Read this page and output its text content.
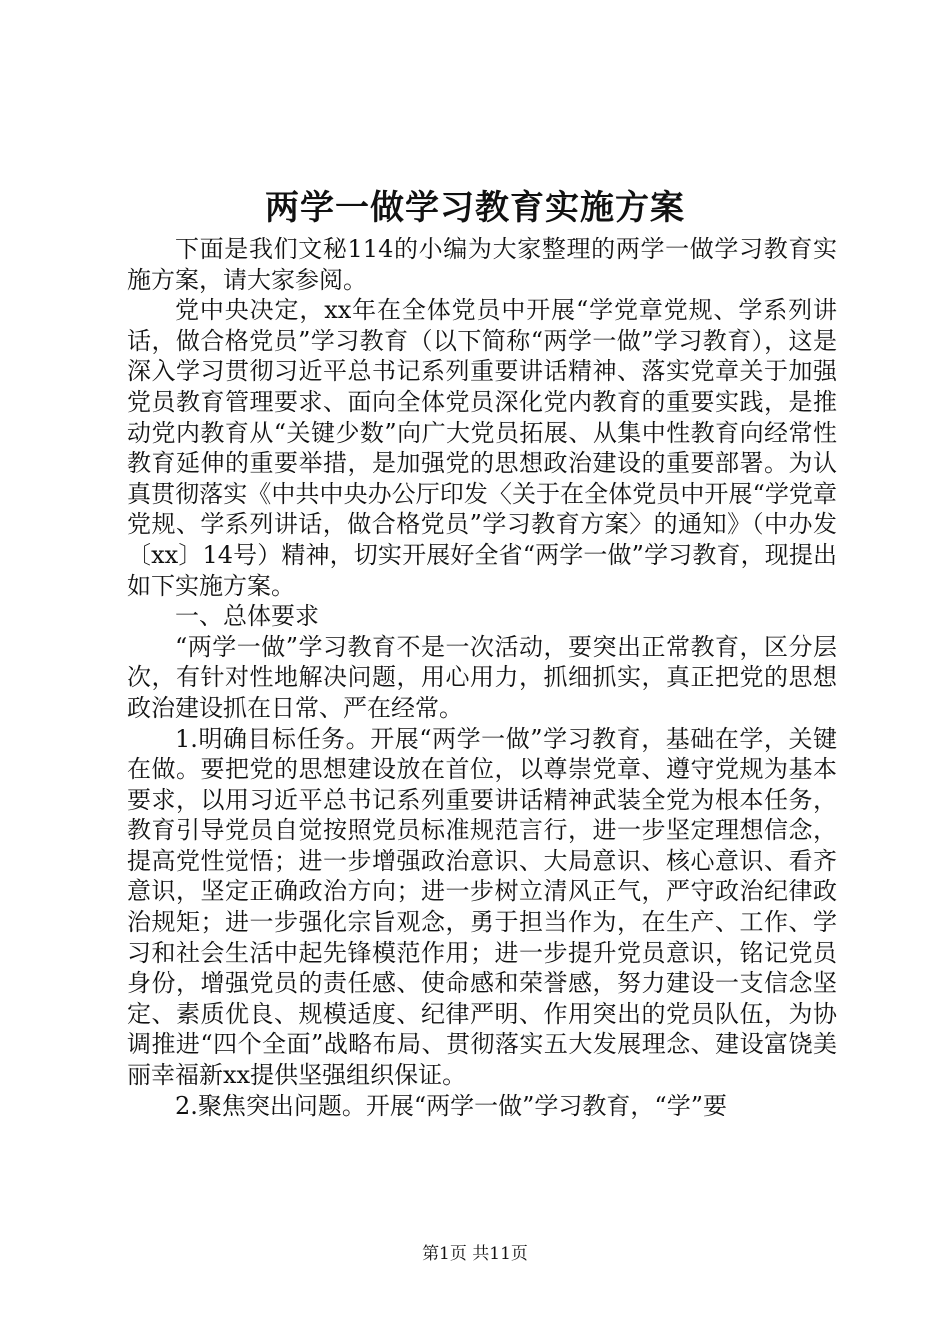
两学一做学习教育实施方案

下面是我们文秘114的小编为大家整理的两学一做学习教育实施方案，请大家参阅。

党中央决定，xx年在全体党员中开展“学党章党规、学系列讲话，做合格党员”学习教育（以下简称“两学一做”学习教育），这是深入学习贯彻习近平总书记系列重要讲话精神、落实党章关于加强党员教育管理要求、面向全体党员深化党内教育的重要实践，是推动党内教育从“关键少数”向广大党员拓展、从集中性教育向经常性教育延伸的重要举措，是加强党的思想政治建设的重要部署。为认真贯彻落实《中共中央办公厅印发〈关于在全体党员中开展“学党章党规、学系列讲话，做合格党员”学习教育方案〉的通知》（中办发〔xx〕14号）精神，切实开展好全省“两学一做”学习教育，现提出如下实施方案。

一、总体要求

“两学一做”学习教育不是一次活动，要突出正常教育，区分层次，有针对性地解决问题，用心用力，抓细抓实，真正把党的思想政治建设抓在日常、严在经常。

1.明确目标任务。开展“两学一做”学习教育，基础在学，关键在做。要把党的思想建设放在首位，以尊崇党章、遵守党规为基本要求，以用习近平总书记系列重要讲话精神武装全党为根本任务，教育引导党员自觉按照党员标准规范言行，进一步坚定理想信念，提高党性觉悟；进一步增强政治意识、大局意识、核心意识、看齐意识，坚定正确政治方向；进一步树立清风正气，严守政治纪律政治规矩；进一步强化宗旨观念，勇于担当作为，在生产、工作、学习和社会生活中起先锋模范作用；进一步提升党员意识，铭记党员身份，增强党员的责任感、使命感和荣誉感，努力建设一支信念坚定、素质优良、规模适度、纪律严明、作用突出的党员队伍，为协调推进“四个全面”战略布局、贯彻落实五大发展理念、建设富饶美丽幸福新xx提供坚强组织保证。

2.聚焦突出问题。开展“两学一做”学习教育，“学”要

第1页 共11页
